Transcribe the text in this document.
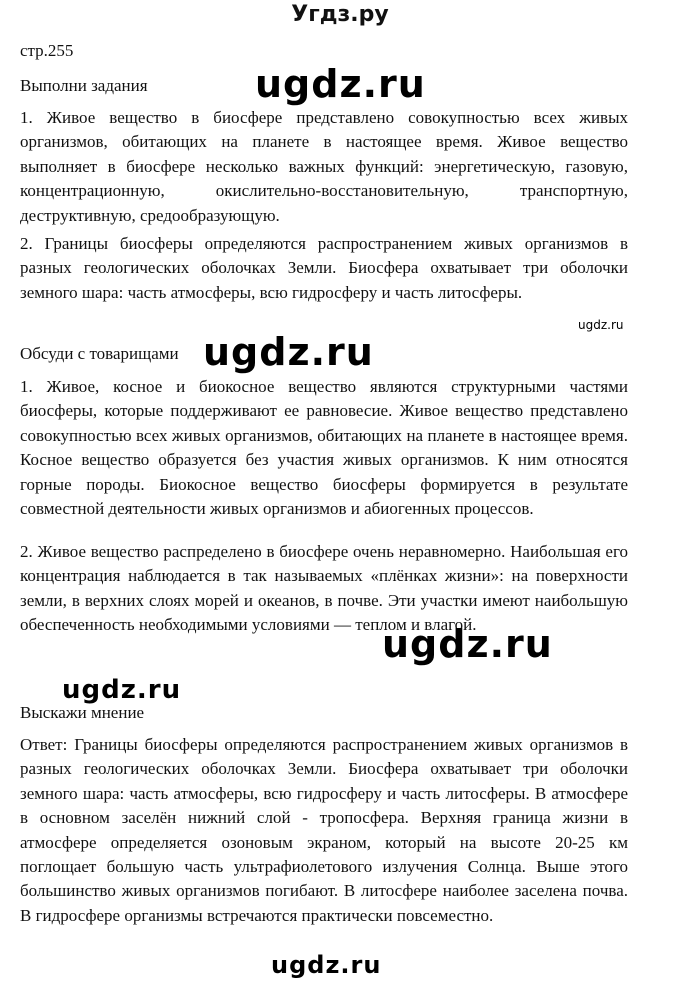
Угдз.ру
стр.255
ugdz.ru
Выполни задания
1. Живое вещество в биосфере представлено совокупностью всех живых организмов, обитающих на планете в настоящее время. Живое вещество выполняет в биосфере несколько важных функций: энергетическую, газовую, концентрационную, окислительно-восстановительную, транспортную, деструктивную, средообразующую.
2. Границы биосферы определяются распространением живых организмов в разных геологических оболочках Земли. Биосфера охватывает три оболочки земного шара: часть атмосферы, всю гидросферу и часть литосферы.
ugdz.ru
Обсуди с товарищами ugdz.ru
1. Живое, косное и биокосное вещество являются структурными частями биосферы, которые поддерживают ее равновесие. Живое вещество представлено совокупностью всех живых организмов, обитающих на планете в настоящее время. Косное вещество образуется без участия живых организмов. К ним относятся горные породы. Биокосное вещество биосферы формируется в результате совместной деятельности живых организмов и абиогенных процессов.
2. Живое вещество распределено в биосфере очень неравномерно. Наибольшая его концентрация наблюдается в так называемых «плёнках жизни»: на поверхности земли, в верхних слоях морей и океанов, в почве. Эти участки имеют наибольшую обеспеченность необходимыми условиями — теплом и влагой.
ugdz.ru
ugdz.ru
Выскажи мнение
Ответ: Границы биосферы определяются распространением живых организмов в разных геологических оболочках Земли. Биосфера охватывает три оболочки земного шара: часть атмосферы, всю гидросферу и часть литосферы. В атмосфере в основном заселён нижний слой - тропосфера. Верхняя граница жизни в атмосфере определяется озоновым экраном, который на высоте 20-25 км поглощает большую часть ультрафиолетового излучения Солнца. Выше этого большинство живых организмов погибают. В литосфере наиболее заселена почва. В гидросфере организмы встречаются практически повсеместно.
ugdz.ru
